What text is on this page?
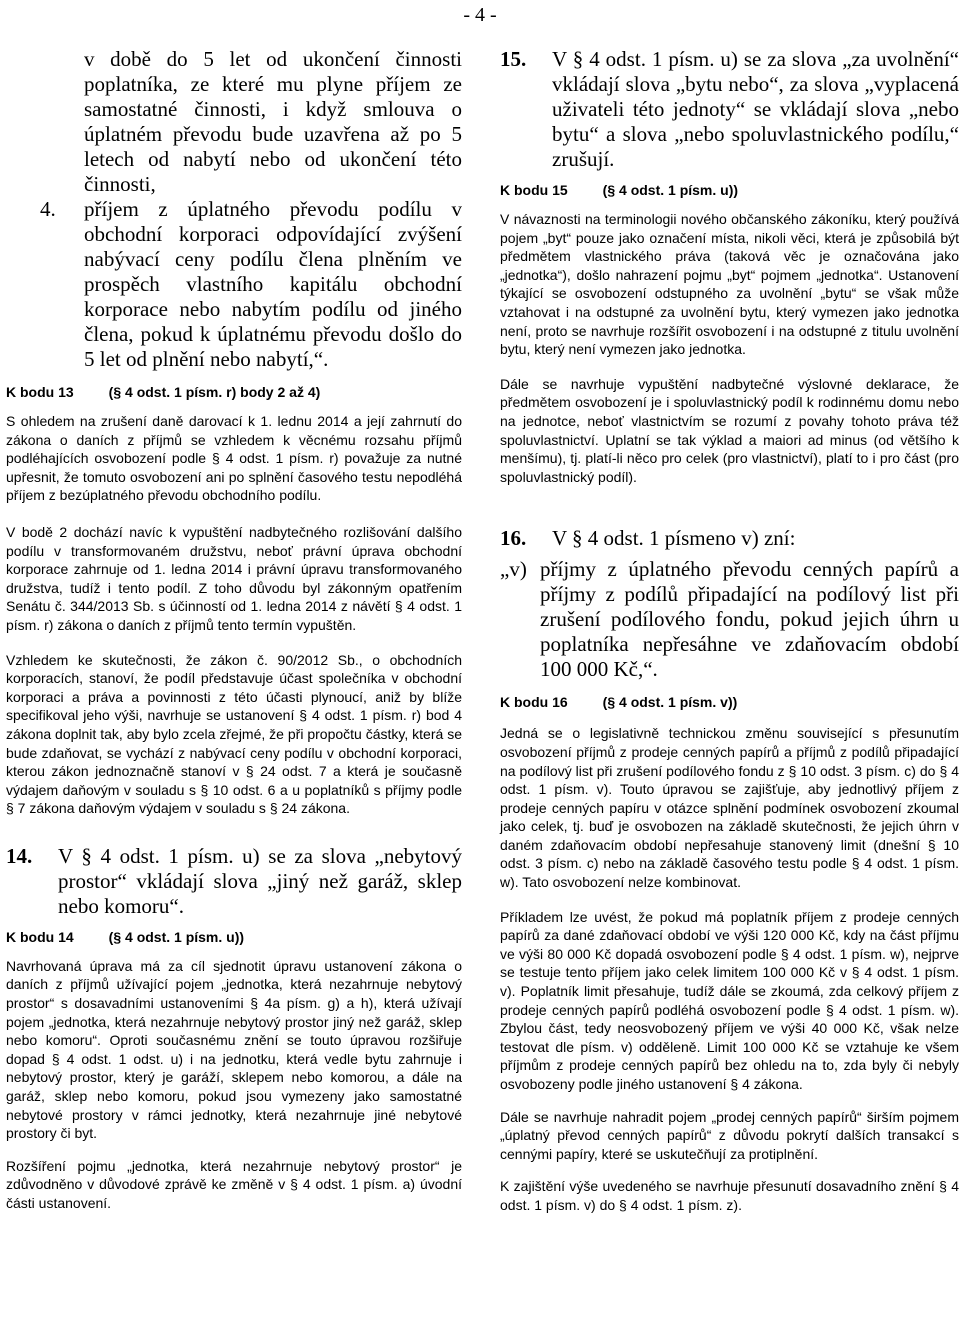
- 4 -
v době do 5 let od ukončení činnosti poplatníka, ze které mu plyne příjem ze samostatné činnosti, i když smlouva o úplatném převodu bude uzavřena až po 5 letech od nabytí nebo od ukončení této činnosti,
4.	příjem z úplatného převodu podílu v obchodní korporaci odpovídající zvýšení nabývací ceny podílu člena plněním ve prospěch vlastního kapitálu obchodní korporace nebo nabytím podílu od jiného člena, pokud k úplatnému převodu došlo do 5 let od plnění nebo nabytí,“.

K bodu 13         (§ 4 odst. 1 písm. r) body 2 až 4)

S ohledem na zrušení daně darovací k 1. lednu 2014 a její zahrnutí do zákona o daních z příjmů se vzhledem k věcnému rozsahu příjmů podléhajících osvobození podle § 4 odst. 1 písm. r) považuje za nutné upřesnit, že tomuto osvobození ani po splnění časového testu nepodléhá příjem z bezúplatného převodu obchodního podílu.

V bodě 2 dochází navíc k vypuštění nadbytečného rozlišování dalšího podílu v transformovaném družstvu, neboť právní úprava obchodní korporace zahrnuje od 1. ledna 2014 i právní úpravu transformovaného družstva, tudíž i tento podíl. Z toho důvodu byl zákonným opatřením Senátu č. 344/2013 Sb. s účinností od 1. ledna 2014 z návětí § 4 odst. 1 písm. r) zákona o daních z příjmů tento termín vypuštěn.

Vzhledem ke skutečnosti, že zákon č. 90/2012 Sb., o obchodních korporacích, stanoví, že podíl představuje účast společníka v obchodní korporaci a práva a povinnosti z této účasti plynoucí, aniž by blíže specifikoval jeho výši, navrhuje se ustanovení § 4 odst. 1 písm. r) bod 4 zákona doplnit tak, aby bylo zcela zřejmé, že při propočtu částky, která se bude zdaňovat, se vychází z nabývací ceny podílu v obchodní korporaci, kterou zákon jednoznačně stanoví v § 24 odst. 7 a která je současně výdajem daňovým v souladu s § 10 odst. 6 a u poplatníků s příjmy podle § 7 zákona daňovým výdajem v souladu s § 24 zákona.

14.	V § 4 odst. 1 písm. u) se za slova „nebytový prostor“ vkládají slova „jiný než garáž, sklep nebo komoru“.

K bodu 14         (§ 4 odst. 1 písm. u))

Navrhovaná úprava má za cíl sjednotit úpravu ustanovení zákona o daních z příjmů užívající pojem „jednotka, která nezahrnuje nebytový prostor“ s dosavadními ustanoveními § 4a písm. g) a h), která užívají pojem „jednotka, která nezahrnuje nebytový prostor jiný než garáž, sklep nebo komoru“. Oproti současnému znění se touto úpravou rozšiřuje dopad § 4 odst. 1 odst. u) i na jednotku, která vedle bytu zahrnuje i nebytový prostor, který je garáží, sklepem nebo komorou, a dále na garáž, sklep nebo komoru, pokud jsou vymezeny jako samostatné nebytové prostory v rámci jednotky, která nezahrnuje jiné nebytové prostory či byt.

Rozšíření pojmu „jednotka, která nezahrnuje nebytový prostor“ je zdůvodněno v důvodové zprávě ke změně v § 4 odst. 1 písm. a) úvodní části ustanovení.

15.	V § 4 odst. 1 písm. u) se za slova „za uvolnění“ vkládají slova „bytu nebo“, za slova „vyplacená uživateli této jednoty“ se vkládají slova „nebo bytu“ a slova „nebo spoluvlastnického podílu,“ zrušují.

K bodu 15         (§ 4 odst. 1 písm. u))

V návaznosti na terminologii nového občanského zákoníku, který používá pojem „byt“ pouze jako označení místa, nikoli věci, která je způsobilá být předmětem vlastnického práva (taková věc je označována jako „jednotka“), došlo nahrazení pojmu „byt“ pojmem „jednotka“. Ustanovení týkající se osvobození odstupného za uvolnění „bytu“ se však může vztahovat i na odstupné za uvolnění bytu, který vymezen jako jednotka není, proto se navrhuje rozšířit osvobození i na odstupné z titulu uvolnění bytu, který není vymezen jako jednotka.

Dále se navrhuje vypuštění nadbytečné výslovné deklarace, že předmětem osvobození je i spoluvlastnický podíl k rodinnému domu nebo na jednotce, neboť vlastnictvím se rozumí z povahy tohoto práva též spoluvlastnictví. Uplatní se tak výklad a maiori ad minus (od většího k menšímu), tj. platí-li něco pro celek (pro vlastnictví), platí to i pro část (pro spoluvlastnický podíl).

16.	V § 4 odst. 1 písmeno v) zní:
„v) příjmy z úplatného převodu cenných papírů a příjmy z podílů připadající na podílový list při zrušení podílového fondu, pokud jejich úhrn u poplatníka nepřesáhne ve zdaňovacím období 100 000 Kč,“.

K bodu 16         (§ 4 odst. 1 písm. v))

Jedná se o legislativně technickou změnu související s přesunutím osvobození příjmů z prodeje cenných papírů a příjmů z podílů připadající na podílový list při zrušení podílového fondu z § 10 odst. 3 písm. c) do § 4 odst. 1 písm. v). Touto úpravou se zajišťuje, aby jednotlivý příjem z prodeje cenných papíru v otázce splnění podmínek osvobození zkoumal jako celek, tj. buď je osvobozen na základě skutečnosti, že jejich úhrn v daném zdaňovacím období nepřesahuje stanovený limit (dnešní § 10 odst. 3 písm. c) nebo na základě časového testu podle § 4 odst. 1 písm. w). Tato osvobození nelze kombinovat.

Příkladem lze uvést, že pokud má poplatník příjem z prodeje cenných papírů za dané zdaňovací období ve výši 120 000 Kč, kdy na část příjmu ve výši 80 000 Kč dopadá osvobození podle § 4 odst. 1 písm. w), nejprve se testuje tento příjem jako celek limitem 100 000 Kč v § 4 odst. 1 písm. v). Poplatník limit přesahuje, tudíž dále se zkoumá, zda celkový příjem z prodeje cenných papírů podléhá osvobození podle § 4 odst. 1 písm. w). Zbylou část, tedy neosvobozený příjem ve výši 40 000 Kč, však nelze testovat dle písm. v) odděleně. Limit 100 000 Kč se vztahuje ke všem příjmům z prodeje cenných papírů bez ohledu na to, zda byly či nebyly osvobozeny podle jiného ustanovení § 4 zákona.

Dále se navrhuje nahradit pojem „prodej cenných papírů“ širším pojmem „úplatný převod cenných papírů“ z důvodu pokrytí dalších transakcí s cennými papíry, které se uskutečňují za protiplnění.

K zajištění výše uvedeného se navrhuje přesunutí dosavadního znění § 4 odst. 1 písm. v) do § 4 odst. 1 písm. z).
